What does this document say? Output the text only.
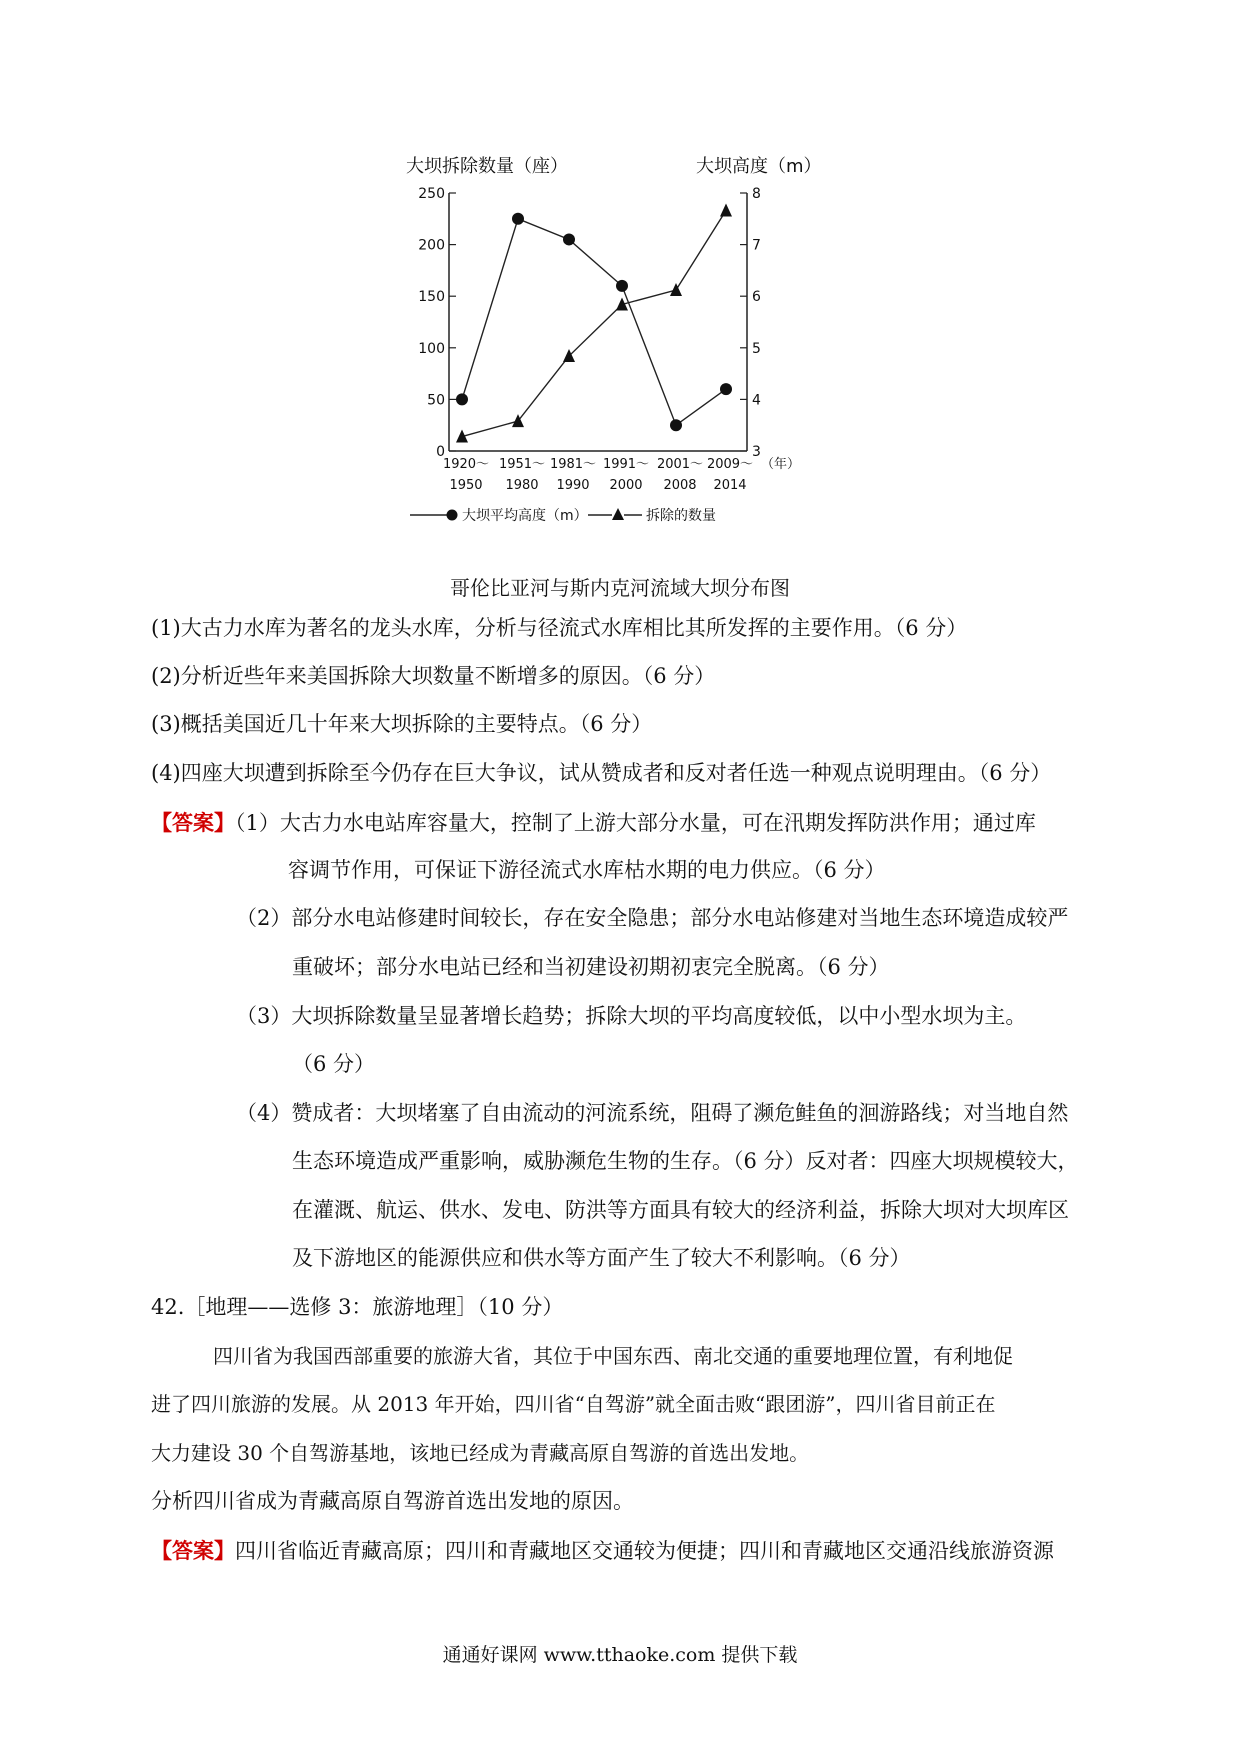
大坝拆除数量（座）	大坝高度（m）
0
50
100
150
200
250
3
4
5
6
7
8
1920～
1950
1951～
1980
1981～
1990
1991～
2000
2001～
2008
2009～
2014
（年）
大坝平均高度（m）	拆除的数量
哥伦比亚河与斯内克河流域大坝分布图
(1)大古力水库为著名的龙头水库，分析与径流式水库相比其所发挥的主要作用。（6 分）
(2)分析近些年来美国拆除大坝数量不断增多的原因。（6 分）
(3)概括美国近几十年来大坝拆除的主要特点。（6 分）
(4)四座大坝遭到拆除至今仍存在巨大争议，试从赞成者和反对者任选一种观点说明理由。（6 分）
【答案】（1）大古力水电站库容量大，控制了上游大部分水量，可在汛期发挥防洪作用；通过库
容调节作用，可保证下游径流式水库枯水期的电力供应。（6 分）
（2）部分水电站修建时间较长，存在安全隐患；部分水电站修建对当地生态环境造成较严
重破坏；部分水电站已经和当初建设初期初衷完全脱离。（6 分）
（3）大坝拆除数量呈显著增长趋势；拆除大坝的平均高度较低，以中小型水坝为主。
（6 分）
（4）赞成者：大坝堵塞了自由流动的河流系统，阻碍了濒危鲑鱼的洄游路线；对当地自然
生态环境造成严重影响，威胁濒危生物的生存。（6 分）反对者：四座大坝规模较大，
在灌溉、航运、供水、发电、防洪等方面具有较大的经济利益，拆除大坝对大坝库区
及下游地区的能源供应和供水等方面产生了较大不利影响。（6 分）
42.［地理——选修 3：旅游地理］（10 分）
四川省为我国西部重要的旅游大省，其位于中国东西、南北交通的重要地理位置，有利地促
进了四川旅游的发展。从 2013 年开始，四川省“自驾游”就全面击败“跟团游”，四川省目前正在
大力建设 30 个自驾游基地，该地已经成为青藏高原自驾游的首选出发地。
分析四川省成为青藏高原自驾游首选出发地的原因。
【答案】四川省临近青藏高原；四川和青藏地区交通较为便捷；四川和青藏地区交通沿线旅游资源
通通好课网 www.tthaoke.com 提供下载
